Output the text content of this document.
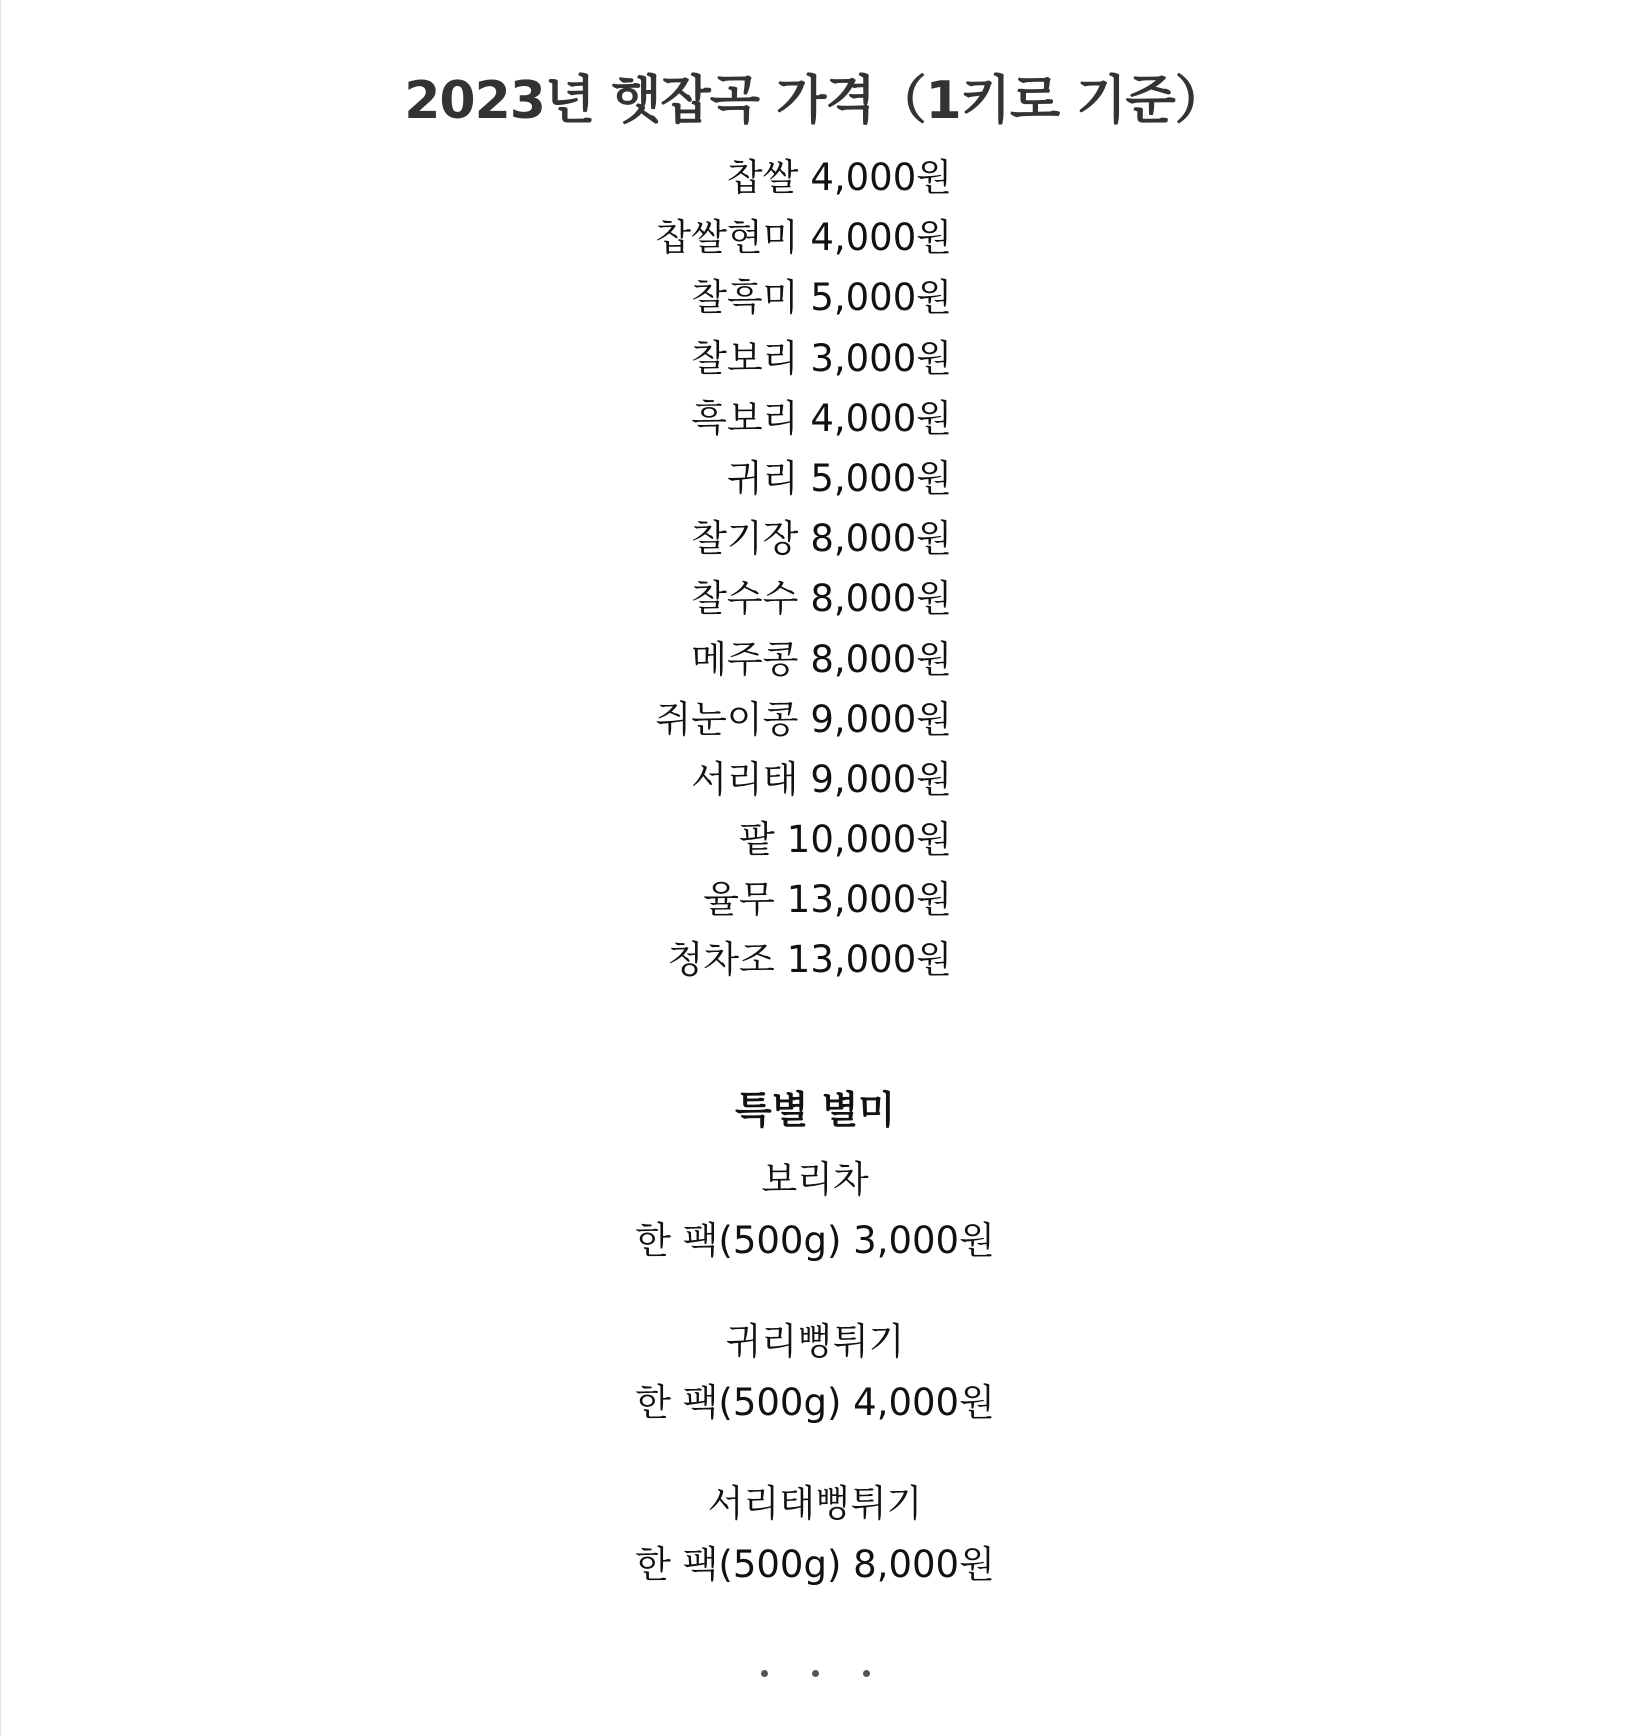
2023년 햇잡곡 가격（1키로 기준）
찹쌀 4,000원
찹쌀현미 4,000원
찰흑미 5,000원
찰보리 3,000원
흑보리 4,000원
귀리 5,000원
찰기장 8,000원
찰수수 8,000원
메주콩 8,000원
쥐눈이콩 9,000원
서리태 9,000원
팥 10,000원
율무 13,000원
청차조 13,000원
특별 별미
보리차
한 팩(500g) 3,000원
귀리뻥튀기
한 팩(500g) 4,000원
서리태뻥튀기
한 팩(500g) 8,000원
